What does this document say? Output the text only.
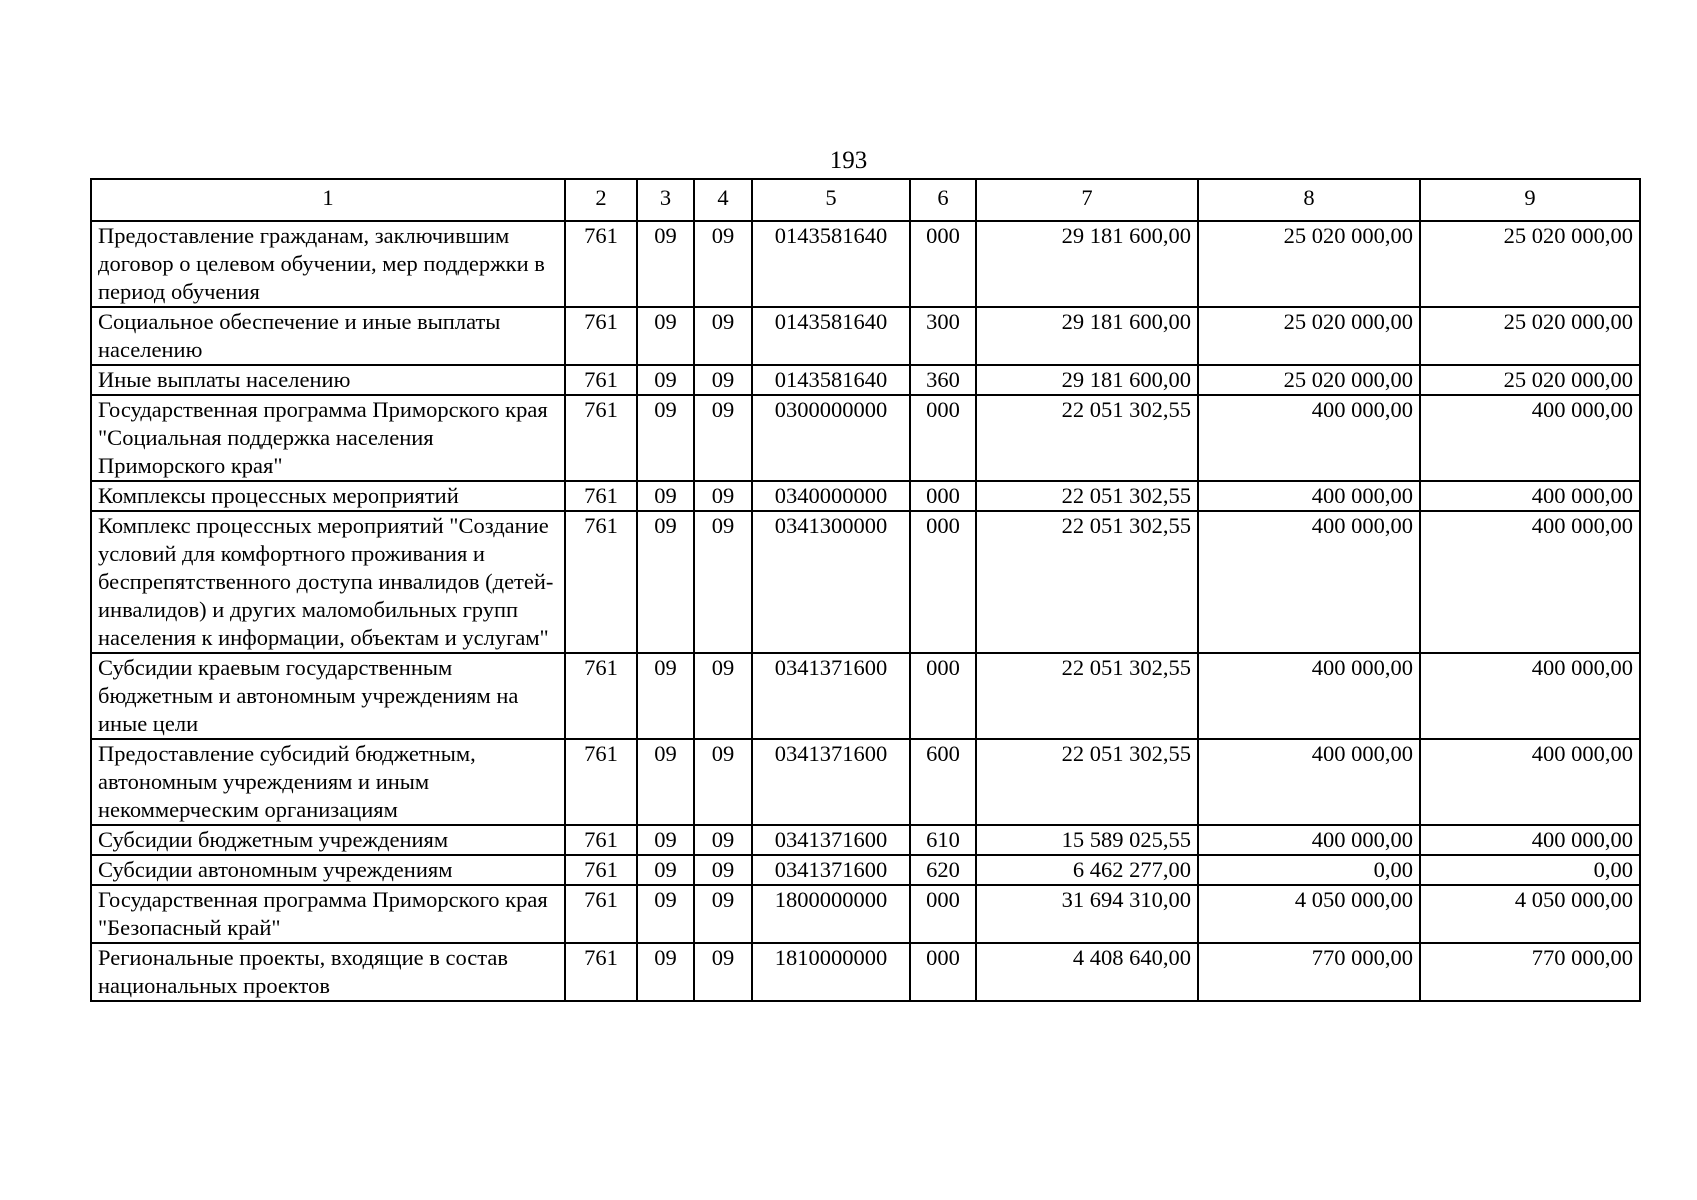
193
1	2	3	4	5	6	7	8	9
Предоставление гражданам, заключившим договор о целевом обучении, мер поддержки в период обучения	761	09	09	0143581640	000	29 181 600,00	25 020 000,00	25 020 000,00
Социальное обеспечение и иные выплаты населению	761	09	09	0143581640	300	29 181 600,00	25 020 000,00	25 020 000,00
Иные выплаты населению	761	09	09	0143581640	360	29 181 600,00	25 020 000,00	25 020 000,00
Государственная программа Приморского края "Социальная поддержка населения Приморского края"	761	09	09	0300000000	000	22 051 302,55	400 000,00	400 000,00
Комплексы процессных мероприятий	761	09	09	0340000000	000	22 051 302,55	400 000,00	400 000,00
Комплекс процессных мероприятий "Создание условий для комфортного проживания и беспрепятственного доступа инвалидов (детей-инвалидов) и других маломобильных групп населения к информации, объектам и услугам"	761	09	09	0341300000	000	22 051 302,55	400 000,00	400 000,00
Субсидии краевым государственным бюджетным и автономным учреждениям на иные цели	761	09	09	0341371600	000	22 051 302,55	400 000,00	400 000,00
Предоставление субсидий бюджетным, автономным учреждениям и иным некоммерческим организациям	761	09	09	0341371600	600	22 051 302,55	400 000,00	400 000,00
Субсидии бюджетным учреждениям	761	09	09	0341371600	610	15 589 025,55	400 000,00	400 000,00
Субсидии автономным учреждениям	761	09	09	0341371600	620	6 462 277,00	0,00	0,00
Государственная программа Приморского края "Безопасный край"	761	09	09	1800000000	000	31 694 310,00	4 050 000,00	4 050 000,00
Региональные проекты, входящие в состав национальных проектов	761	09	09	1810000000	000	4 408 640,00	770 000,00	770 000,00
